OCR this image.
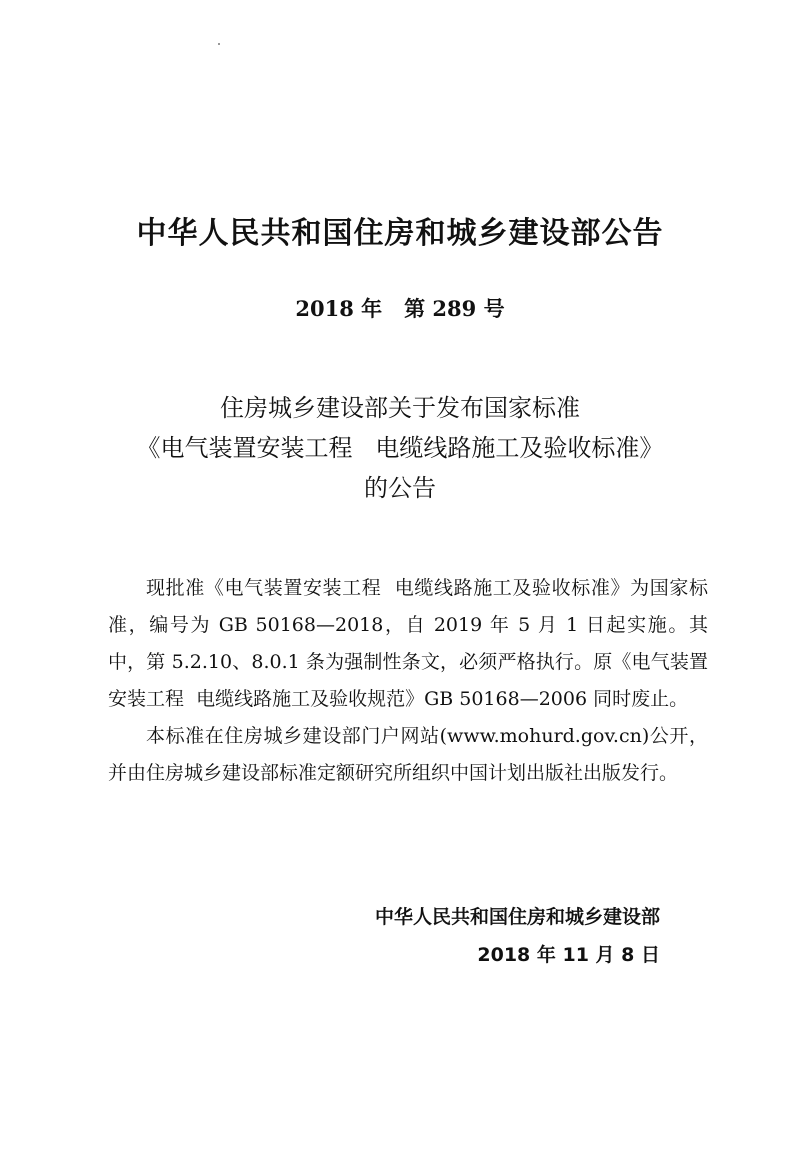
中华人民共和国住房和城乡建设部公告
2018 年   第 289 号
住房城乡建设部关于发布国家标准
《电气装置安装工程   电缆线路施工及验收标准》
的公告

现批准《电气装置安装工程  电缆线路施工及验收标准》为国家标准，编号为 GB 50168—2018，自 2019 年 5 月 1 日起实施。其中，第 5.2.10、8.0.1 条为强制性条文，必须严格执行。原《电气装置安装工程  电缆线路施工及验收规范》GB 50168—2006 同时废止。

本标准在住房城乡建设部门户网站(www.mohurd.gov.cn)公开，并由住房城乡建设部标准定额研究所组织中国计划出版社出版发行。

中华人民共和国住房和城乡建设部
2018 年 11 月 8 日
